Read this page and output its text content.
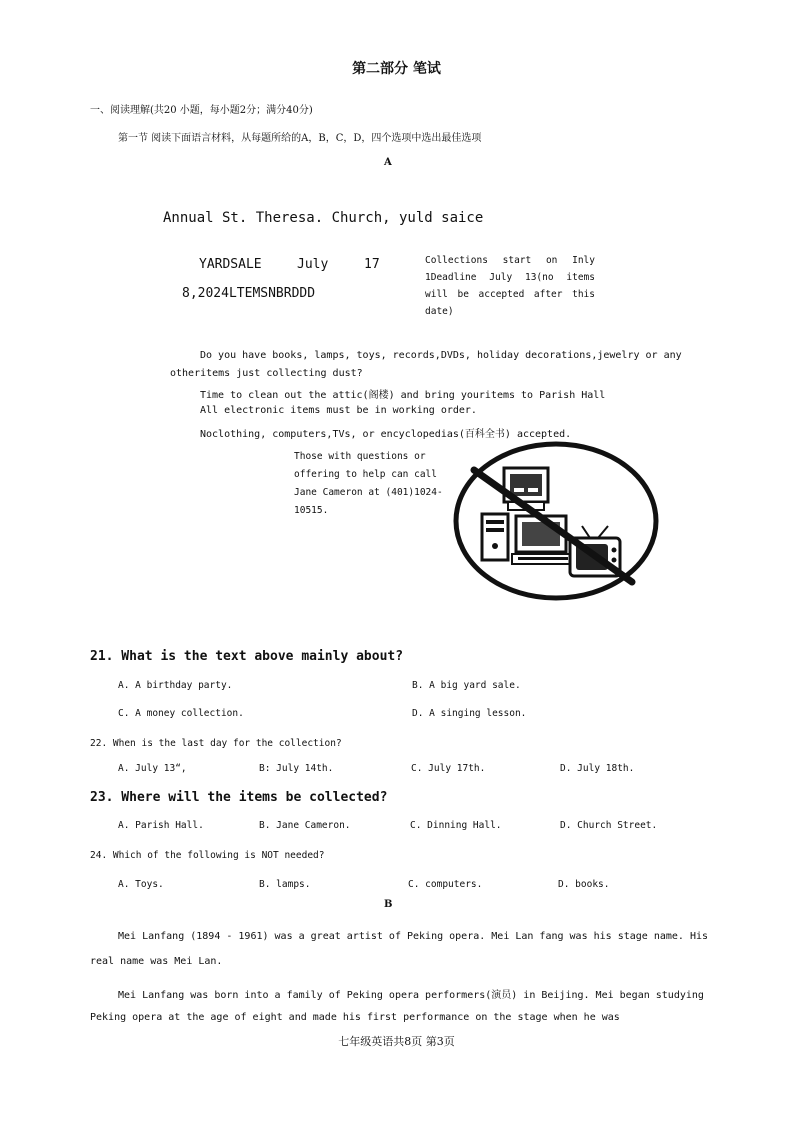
第二部分 笔试
一、阅读理解(共20 小题，每小题2分；满分40分)
第一节 阅读下面语言材料，从每题所给的A，B，C，D，四个选项中选出最佳选项
A
Annual St. Theresa. Church, yuld saice
YARDSALE	July	17
8,2024LTEMSNBRDDD
Collections start on Inly 1Deadline July 13(no items will be accepted after this date)
Do you have books, lamps, toys, records,DVDs, holiday decorations,jewelry or any
otheritems just collecting dust?
Time to clean out the attic(阁楼) and bring youritems to Parish Hall
All electronic items must be in working order.
Noclothing, computers,TVs, or encyclopedias(百科全书) accepted.
Those with questions or offering to help can call Jane Cameron at (401)1024-10515.
21. What is the text above mainly about?
A. A birthday party.	B. A big yard sale.
C. A money collection.	D. A singing lesson.
22. When is the last day for the collection?
A. July 13“,	B: July 14th.	C. July 17th.	D. July 18th.
23. Where will the items be collected?
A. Parish Hall.	B. Jane Cameron.	C. Dinning Hall.	D. Church Street.
24. Which of the following is NOT needed?
A. Toys.	B. lamps.	C. computers.	D. books.
B
Mei Lanfang (1894 - 1961) was a great artist of Peking opera. Mei Lan fang was his stage name. His
real name was Mei Lan.
Mei Lanfang was born into a family of Peking opera performers(演员) in Beijing. Mei began studying
Peking opera at the age of eight and made his first performance on the stage when he was
七年级英语共8页 第3页
